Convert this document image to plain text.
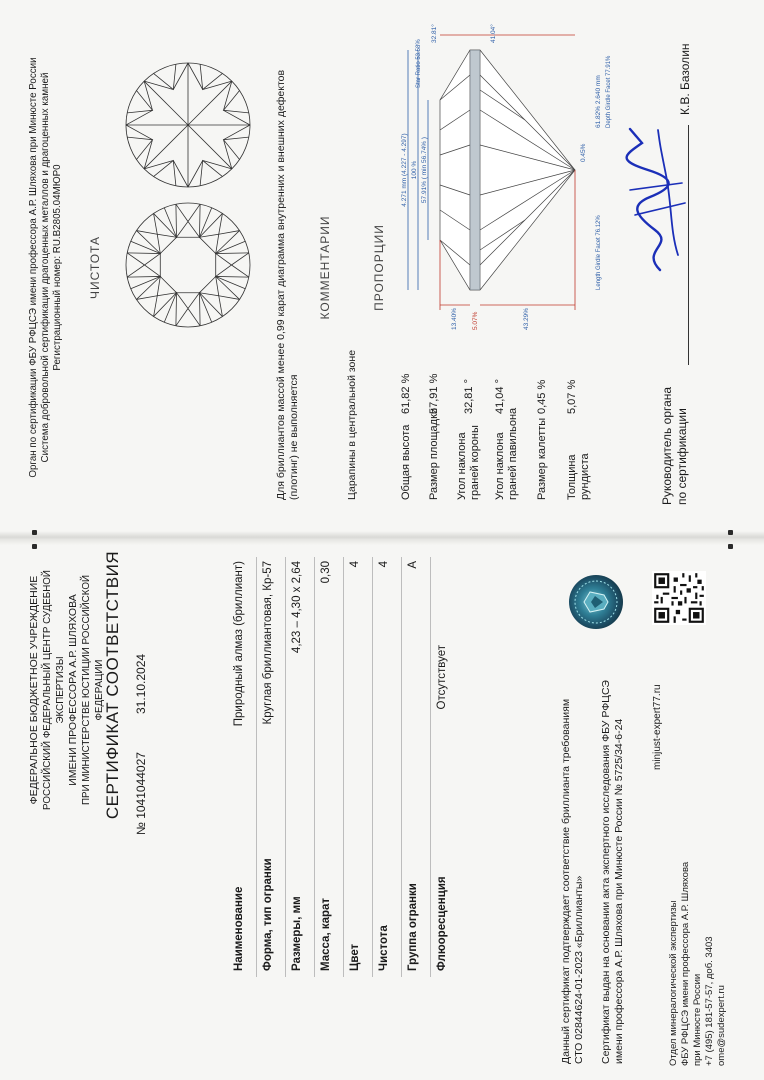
ФЕДЕРАЛЬНОЕ БЮДЖЕТНОЕ УЧРЕЖДЕНИЕ РОССИЙСКИЙ ФЕДЕРАЛЬНЫЙ ЦЕНТР СУДЕБНОЙ ЭКСПЕРТИЗЫ ИМЕНИ ПРОФЕССОРА А.Р. ШЛЯХОВА ПРИ МИНИСТЕРСТВЕ ЮСТИЦИИ РОССИЙСКОЙ ФЕДЕРАЦИИ
СЕРТИФИКАТ СООТВЕТСТВИЯ № 1041044027
31.10.2024
Наименование
Природный алмаз (бриллиант)
Форма, тип огранки
Круглая бриллиантовая, Кр-57
Размеры, мм
4,23 – 4,30 x 2,64
Масса, карат
0,30
Цвет
4
Чистота
4
Группа огранки
А
Флюоресценция
Отсутствует
Данный сертификат подтверждает соответствие бриллианта требованиям СТО 02844624-01-2023 «Бриллианты» Сертификат выдан на основании акта экспертного исследования ФБУ РФЦСЭ имени профессора А.Р. Шляхова при Минюсте России № 5725/34-6-24	minjust-expert77.ru
Отдел минералогической экспертизы ФБУ РФЦСЭ имени профессора А.Р. Шляхова при Минюсте России +7 (495) 181-57-57, доб. 3403 ome@sudexpert.ru
Орган по сертификации ФБУ РФЦСЭ имени профессора А.Р. Шляхова при Минюсте России Система добровольной сертификации драгоценных металлов и драгоценных камней Регистрационный номер: RU.В2805.04МЮР0 ЧИСТОТА	Для бриллиантов массой менее 0,99 карат диаграмма внутренних и внешних дефектов (плотинг) не выполняется
КОММЕНТАРИИ
Царапины в центральной зоне
ПРОПОРЦИИ
Общая высота
61,82 %
Размер площадки
57,91 %
Угол наклона граней короны
32,81 °
Угол наклона граней павильона
41,04 °
Размер калетты
0,45 %
Толщина рундиста
5,07 %
4.271 mm (4.227 - 4.297) 100 % 57.91% ( min 56.74% )
13.40% 5.07%	43.29%
32.81°	41.04°
0.45%
Star Ratio 53.58%
61.82% 2.640 mm Depth Girdle Facet 77.91%
Length Girdle Facet 76.12%
Руководитель органа по сертификации
К.В. Базолин
